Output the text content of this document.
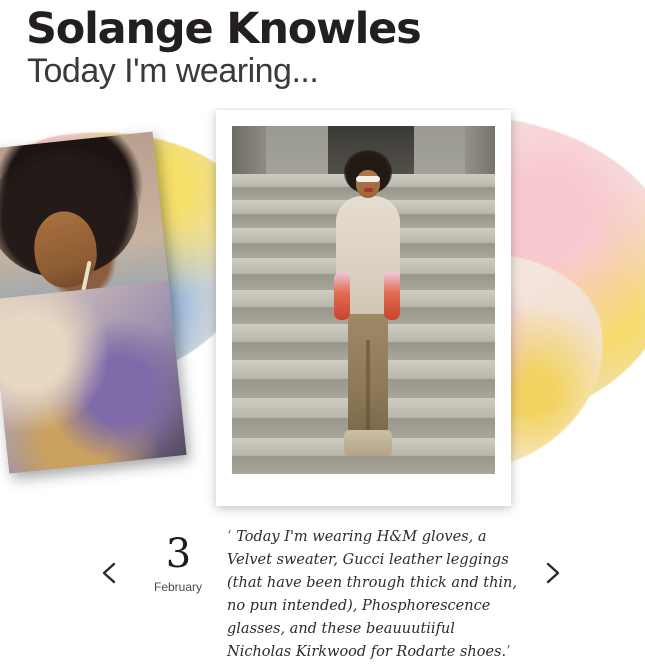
Solange Knowles
Today I'm wearing...
3
February
‘ Today I'm wearing H&M gloves, a Velvet sweater, Gucci leather leggings (that have been through thick and thin, no pun intended), Phosphorescence glasses, and these beauuutiiful Nicholas Kirkwood for Rodarte shoes.’
